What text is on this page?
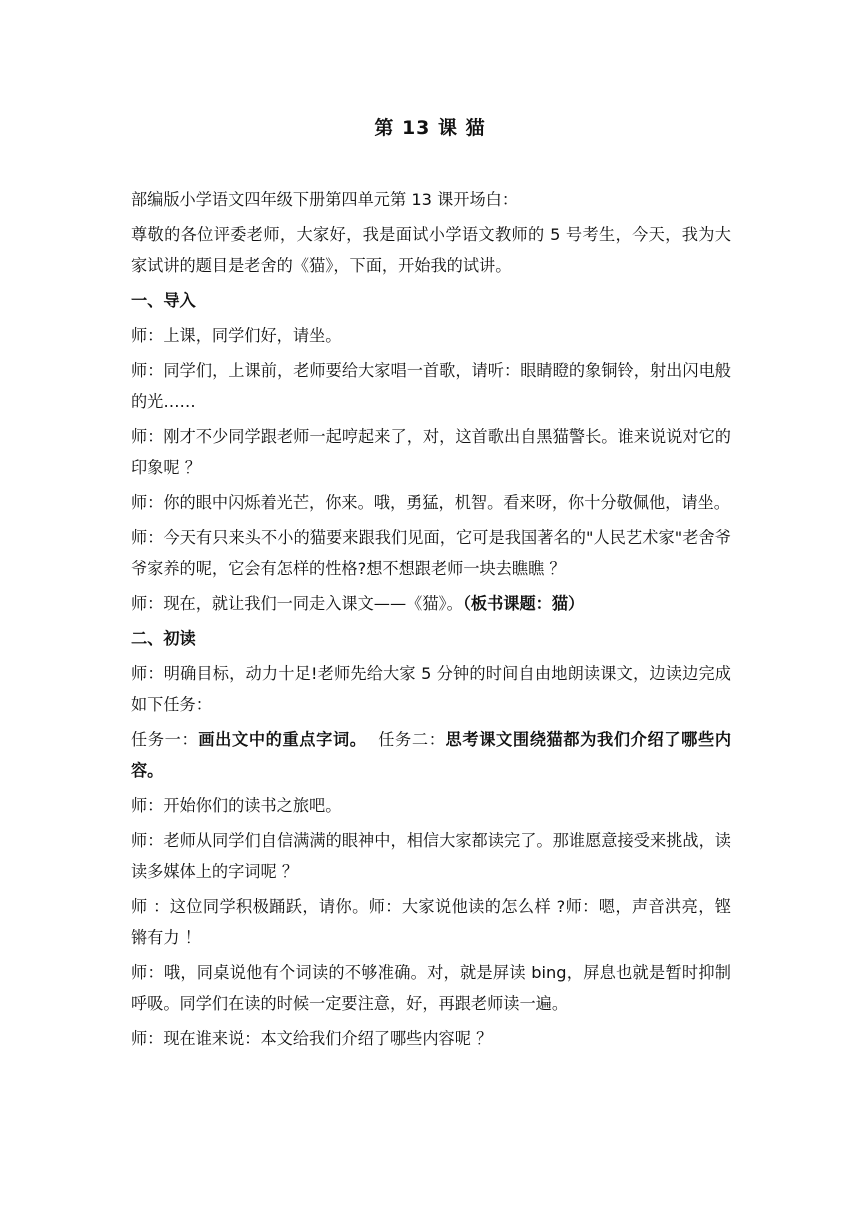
第 13 课 猫

部编版小学语文四年级下册第四单元第 13 课开场白：

尊敬的各位评委老师，大家好，我是面试小学语文教师的 5 号考生，今天，我为大家试讲的题目是老舍的《猫》，下面，开始我的试讲。

一、导入

师：上课，同学们好，请坐。

师：同学们，上课前，老师要给大家唱一首歌，请听：眼睛瞪的象铜铃，射出闪电般的光……

师：刚才不少同学跟老师一起哼起来了，对，这首歌出自黑猫警长。谁来说说对它的印象呢 ？

师：你的眼中闪烁着光芒，你来。哦，勇猛，机智。看来呀，你十分敬佩他，请坐。

师：今天有只来头不小的猫要来跟我们见面，它可是我国著名的"人民艺术家"老舍爷爷家养的呢，它会有怎样的性格?想不想跟老师一块去瞧瞧 ？

师：现在，就让我们一同走入课文——《猫》。（板书课题：猫）

二、初读

师：明确目标，动力十足!老师先给大家 5 分钟的时间自由地朗读课文，边读边完成如下任务：

任务一：画出文中的重点字词。  任务二：思考课文围绕猫都为我们介绍了哪些内容。

师：开始你们的读书之旅吧。

师：老师从同学们自信满满的眼神中，相信大家都读完了。那谁愿意接受来挑战，读读多媒体上的字词呢 ？

师 ：这位同学积极踊跃，请你。师：大家说他读的怎么样 ?师：嗯，声音洪亮，铿锵有力 ！

师：哦，同桌说他有个词读的不够准确。对，就是屏读 bing，屏息也就是暂时抑制呼吸。同学们在读的时候一定要注意，好，再跟老师读一遍。

师：现在谁来说：本文给我们介绍了哪些内容呢 ？
